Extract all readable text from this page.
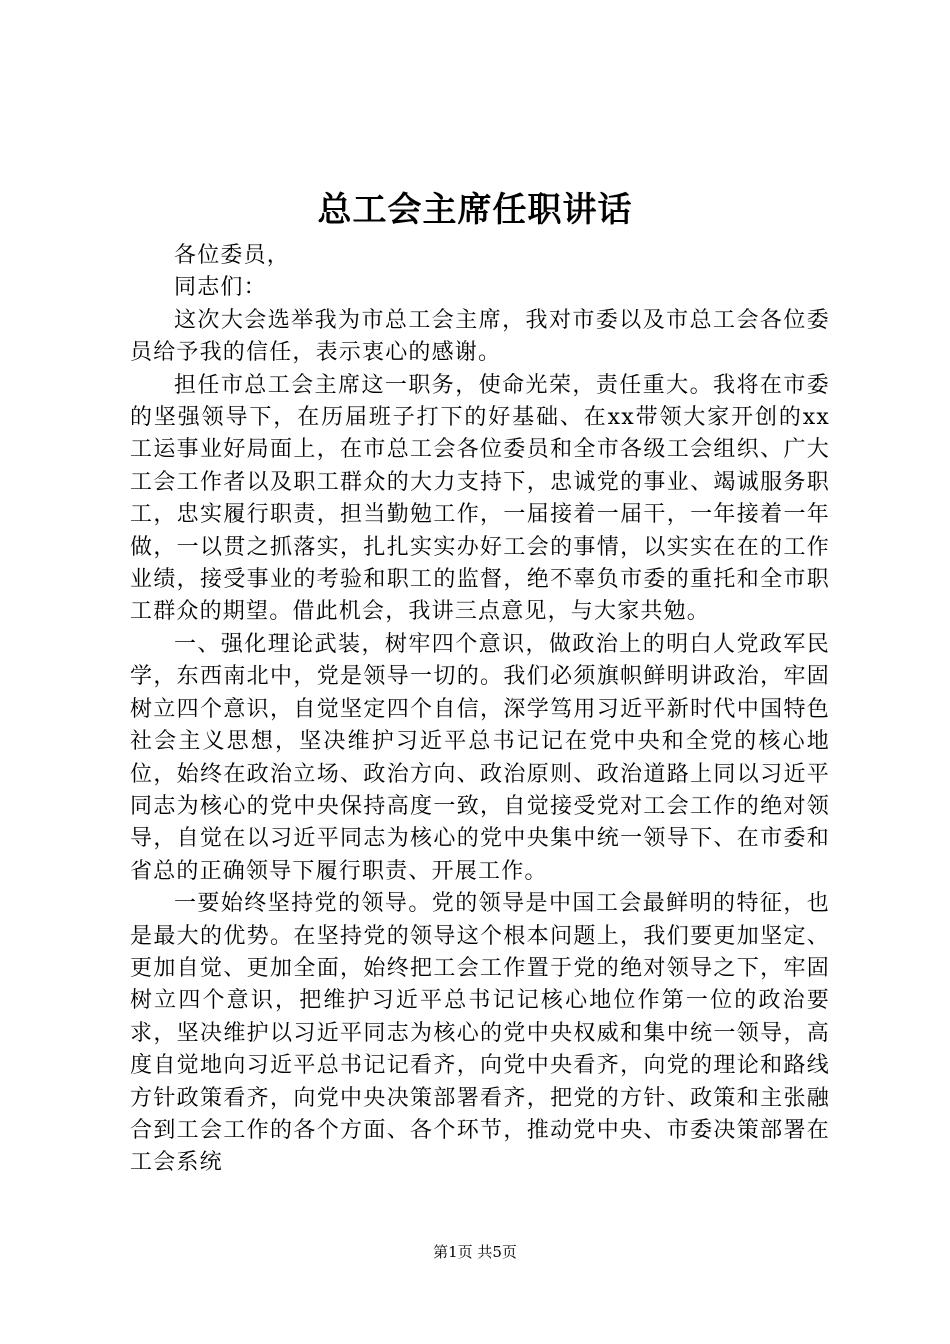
总工会主席任职讲话

各位委员，

同志们：

这次大会选举我为市总工会主席，我对市委以及市总工会各位委员给予我的信任，表示衷心的感谢。

担任市总工会主席这一职务，使命光荣，责任重大。我将在市委的坚强领导下，在历届班子打下的好基础、在xx带领大家开创的xx工运事业好局面上，在市总工会各位委员和全市各级工会组织、广大工会工作者以及职工群众的大力支持下，忠诚党的事业、竭诚服务职工，忠实履行职责，担当勤勉工作，一届接着一届干，一年接着一年做，一以贯之抓落实，扎扎实实办好工会的事情，以实实在在的工作业绩，接受事业的考验和职工的监督，绝不辜负市委的重托和全市职工群众的期望。借此机会，我讲三点意见，与大家共勉。

一、强化理论武装，树牢四个意识，做政治上的明白人党政军民学，东西南北中，党是领导一切的。我们必须旗帜鲜明讲政治，牢固树立四个意识，自觉坚定四个自信，深学笃用习近平新时代中国特色社会主义思想，坚决维护习近平总书记记在党中央和全党的核心地位，始终在政治立场、政治方向、政治原则、政治道路上同以习近平同志为核心的党中央保持高度一致，自觉接受党对工会工作的绝对领导，自觉在以习近平同志为核心的党中央集中统一领导下、在市委和省总的正确领导下履行职责、开展工作。

一要始终坚持党的领导。党的领导是中国工会最鲜明的特征，也是最大的优势。在坚持党的领导这个根本问题上，我们要更加坚定、更加自觉、更加全面，始终把工会工作置于党的绝对领导之下，牢固树立四个意识，把维护习近平总书记记核心地位作第一位的政治要求，坚决维护以习近平同志为核心的党中央权威和集中统一领导，高度自觉地向习近平总书记记看齐，向党中央看齐，向党的理论和路线方针政策看齐，向党中央决策部署看齐，把党的方针、政策和主张融合到工会工作的各个方面、各个环节，推动党中央、市委决策部署在工会系统

第1页 共5页
